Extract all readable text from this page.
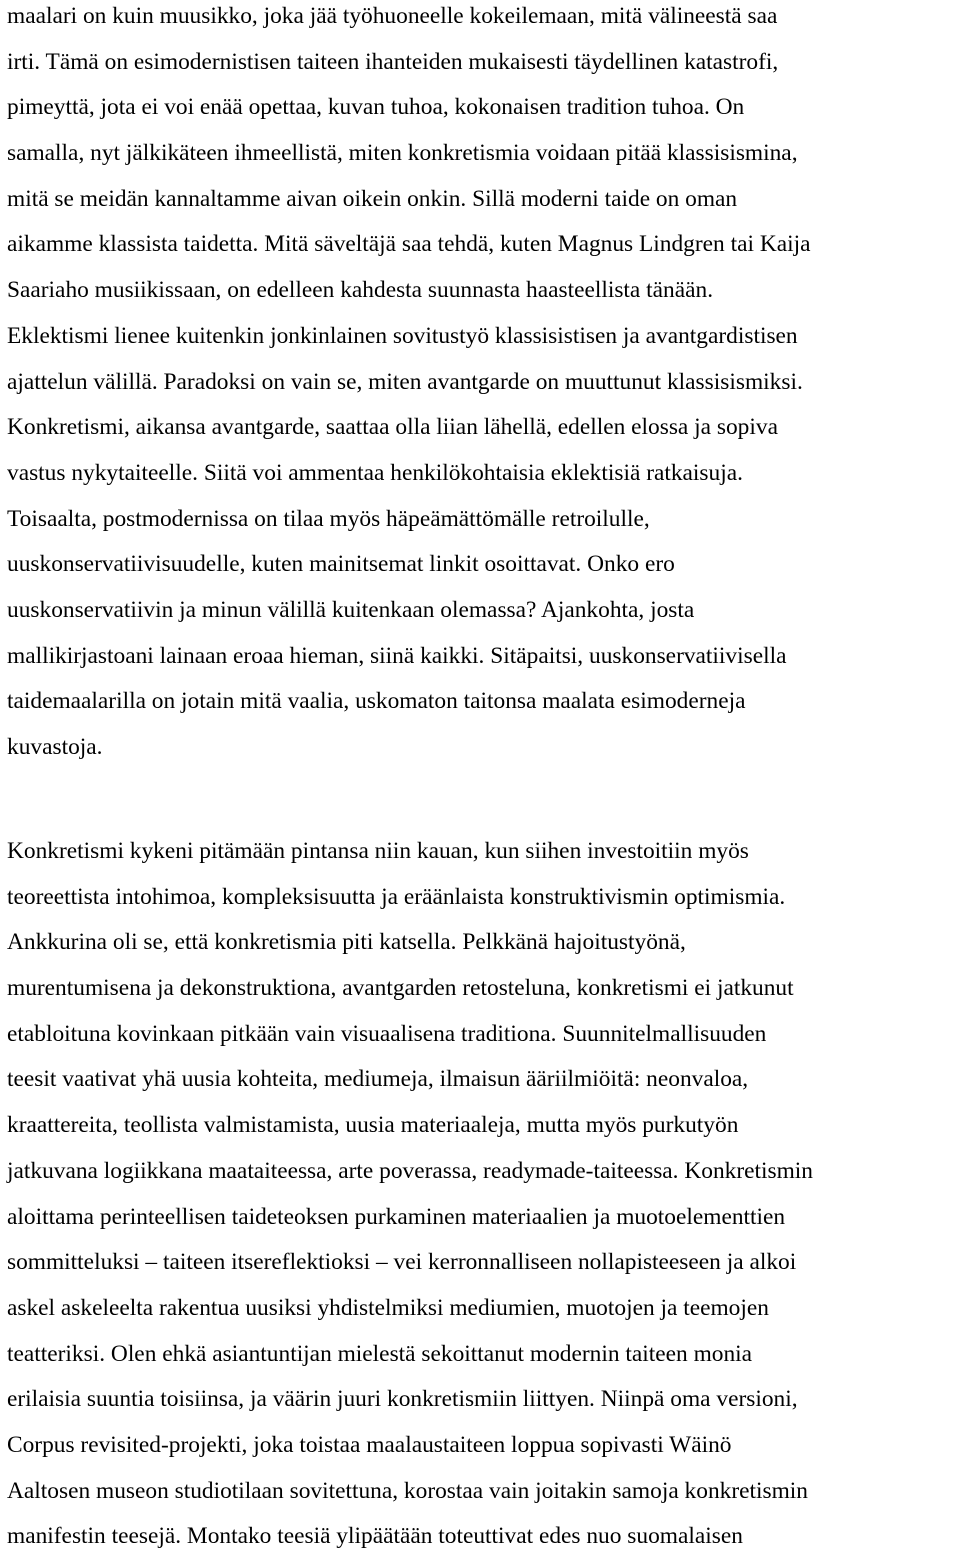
maalari on kuin muusikko, joka jää työhuoneelle kokeilemaan, mitä välineestä saa
irti. Tämä on esimodernistisen taiteen ihanteiden mukaisesti täydellinen katastrofi,
pimeyttä, jota ei voi enää opettaa, kuvan tuhoa, kokonaisen tradition tuhoa. On
samalla, nyt jälkikäteen ihmeellistä, miten konkretismia voidaan pitää klassisismina,
mitä se meidän kannaltamme aivan oikein onkin. Sillä moderni taide on oman
aikamme klassista taidetta. Mitä säveltäjä saa tehdä, kuten Magnus Lindgren tai Kaija
Saariaho musiikissaan, on edelleen kahdesta suunnasta haasteellista tänään.
Eklektismi lienee kuitenkin jonkinlainen sovitustyö klassisistisen ja avantgardistisen
ajattelun välillä. Paradoksi on vain se, miten avantgarde on muuttunut klassisismiksi.
Konkretismi, aikansa avantgarde, saattaa olla liian lähellä, edellen elossa ja sopiva
vastus nykytaiteelle. Siitä voi ammentaa henkilökohtaisia eklektisiä ratkaisuja.
Toisaalta, postmodernissa on tilaa myös häpeämättömälle retroilulle,
uuskonservatiivisuudelle, kuten mainitsemat linkit osoittavat. Onko ero
uuskonservatiivin ja minun välillä kuitenkaan olemassa? Ajankohta, josta
mallikirjastoani lainaan eroaa hieman, siinä kaikki. Sitäpaitsi, uuskonservatiivisella
taidemaalarilla on jotain mitä vaalia, uskomaton taitonsa maalata esimoderneja
kuvastoja.
Konkretismi kykeni pitämään pintansa niin kauan, kun siihen investoitiin myös
teoreettista intohimoa, kompleksisuutta ja eräänlaista konstruktivismin optimismia.
Ankkurina oli se, että konkretismia piti katsella. Pelkkänä hajoitustyönä,
murentumisena ja dekonstruktiona, avantgarden retosteluna, konkretismi ei jatkunut
etabloituna kovinkaan pitkään vain visuaalisena traditiona. Suunnitelmallisuuden
teesit vaativat yhä uusia kohteita, mediumeja, ilmaisun ääriilmiöitä: neonvaloa,
kraattereita, teollista valmistamista, uusia materiaaleja, mutta myös purkutyön
jatkuvana logiikkana maataiteessa, arte poverassa, readymade-taiteessa. Konkretismin
aloittama perinteellisen taideteoksen purkaminen materiaalien ja muotoelementtien
sommitteluksi – taiteen itsereflektioksi – vei kerronnalliseen nollapisteeseen ja alkoi
askel askeleelta rakentua uusiksi yhdistelmiksi mediumien, muotojen ja teemojen
teatteriksi. Olen ehkä asiantuntijan mielestä sekoittanut modernin taiteen monia
erilaisia suuntia toisiinsa, ja väärin juuri konkretismiin liittyen. Niinpä oma versioni,
Corpus revisited-projekti, joka toistaa maalaustaiteen loppua sopivasti Wäinö
Aaltosen museon studiotilaan sovitettuna, korostaa vain joitakin samoja konkretismin
manifestin teesejä. Montako teesiä ylipäätään toteuttivat edes nuo suomalaisen
